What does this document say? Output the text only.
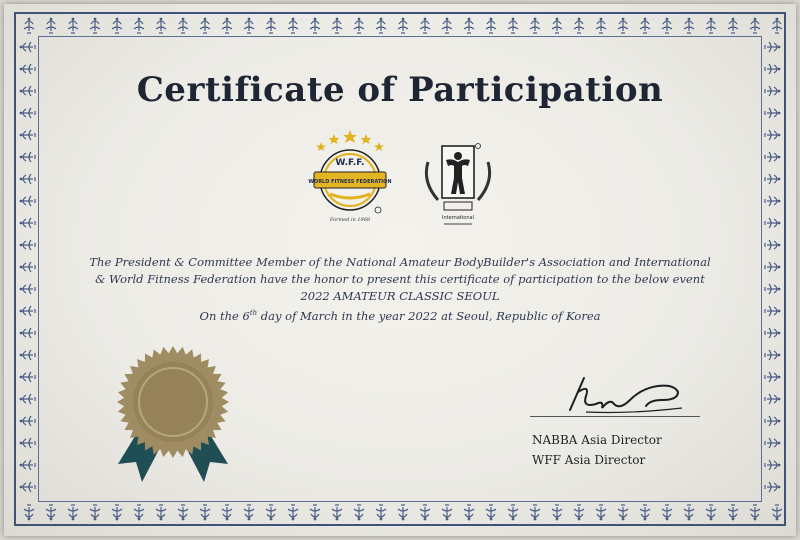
Certificate of Participation
W.F.F.
WORLD FITNESS FEDERATION
Formed in 1968	International
The President & Committee Member of the National Amateur BodyBuilder's Association and International
& World Fitness Federation have the honor to present this certificate of participation to the below event
2022 AMATEUR CLASSIC SEOUL
On the 6th day of March in the year 2022 at Seoul, Republic of Korea
NABBA Asia Director
WFF Asia Director
